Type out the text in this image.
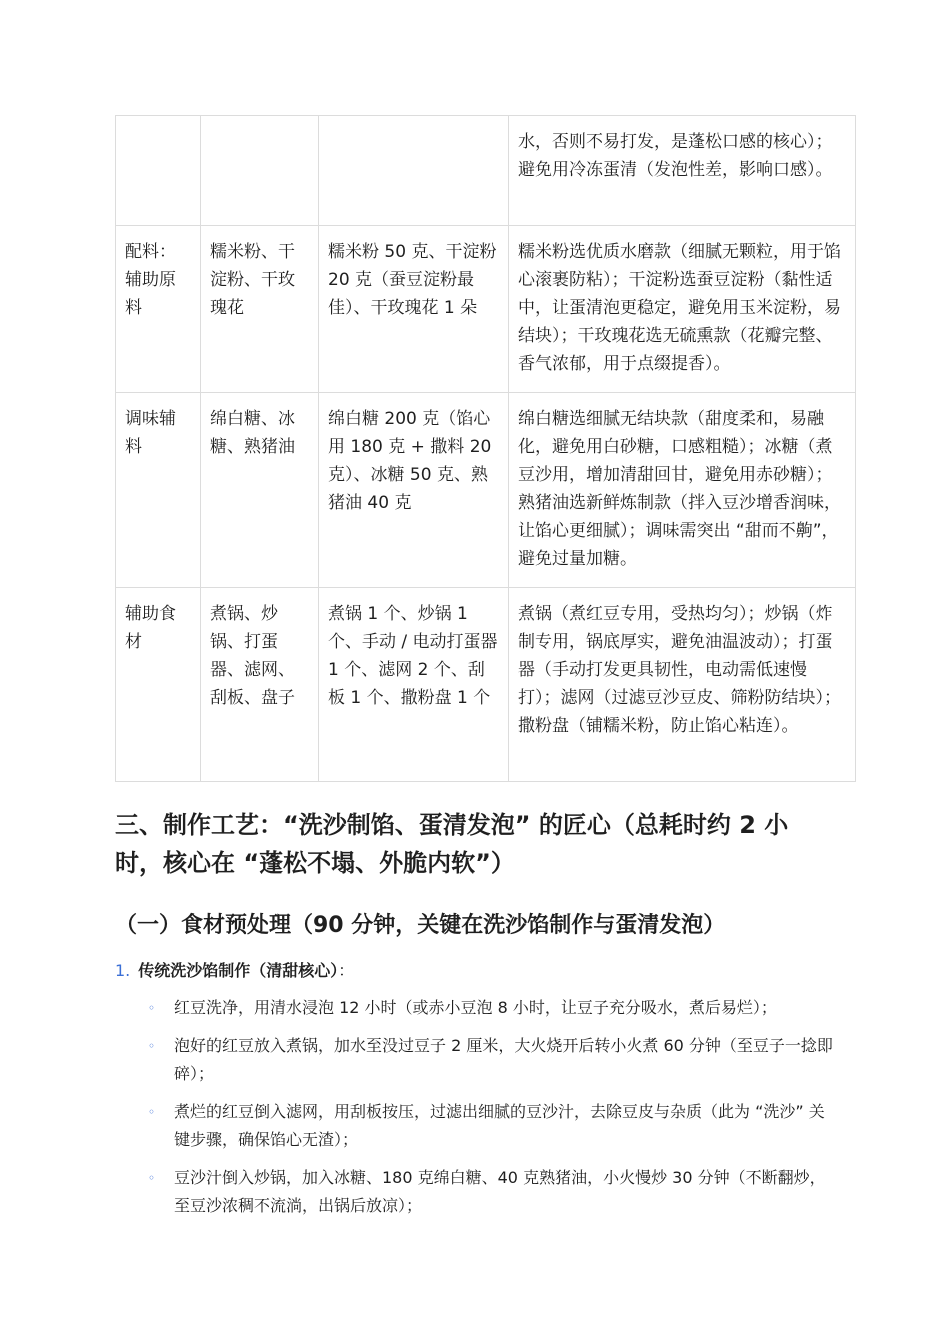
			水，否则不易打发，是蓬松口感的核心）；避免用冷冻蛋清（发泡性差，影响口感）。
配料：辅助原料	糯米粉、干淀粉、干玫瑰花	糯米粉 50 克、干淀粉 20 克（蚕豆淀粉最佳）、干玫瑰花 1 朵	糯米粉选优质水磨款（细腻无颗粒，用于馅心滚裹防粘）；干淀粉选蚕豆淀粉（黏性适中，让蛋清泡更稳定，避免用玉米淀粉，易结块）；干玫瑰花选无硫熏款（花瓣完整、香气浓郁，用于点缀提香）。
调味辅料	绵白糖、冰糖、熟猪油	绵白糖 200 克（馅心用 180 克 + 撒料 20 克）、冰糖 50 克、熟猪油 40 克	绵白糖选细腻无结块款（甜度柔和，易融化，避免用白砂糖，口感粗糙）；冰糖（煮豆沙用，增加清甜回甘，避免用赤砂糖）；熟猪油选新鲜炼制款（拌入豆沙增香润味，让馅心更细腻）；调味需突出 “甜而不齁”，避免过量加糖。
辅助食材	煮锅、炒锅、打蛋器、滤网、刮板、盘子	煮锅 1 个、炒锅 1 个、手动 / 电动打蛋器 1 个、滤网 2 个、刮板 1 个、撒粉盘 1 个	煮锅（煮红豆专用，受热均匀）；炒锅（炸制专用，锅底厚实，避免油温波动）；打蛋器（手动打发更具韧性，电动需低速慢打）；滤网（过滤豆沙豆皮、筛粉防结块）；撒粉盘（铺糯米粉，防止馅心粘连）。
三、制作工艺：“洗沙制馅、蛋清发泡” 的匠心（总耗时约 2 小时，核心在 “蓬松不塌、外脆内软”）
（一）食材预处理（90 分钟，关键在洗沙馅制作与蛋清发泡）
1. 传统洗沙馅制作（清甜核心）：
◦ 红豆洗净，用清水浸泡 12 小时（或赤小豆泡 8 小时，让豆子充分吸水，煮后易烂）；
◦ 泡好的红豆放入煮锅，加水至没过豆子 2 厘米，大火烧开后转小火煮 60 分钟（至豆子一捻即碎）；
◦ 煮烂的红豆倒入滤网，用刮板按压，过滤出细腻的豆沙汁，去除豆皮与杂质（此为 “洗沙” 关键步骤，确保馅心无渣）；
◦ 豆沙汁倒入炒锅，加入冰糖、180 克绵白糖、40 克熟猪油，小火慢炒 30 分钟（不断翻炒，至豆沙浓稠不流淌，出锅后放凉）；
